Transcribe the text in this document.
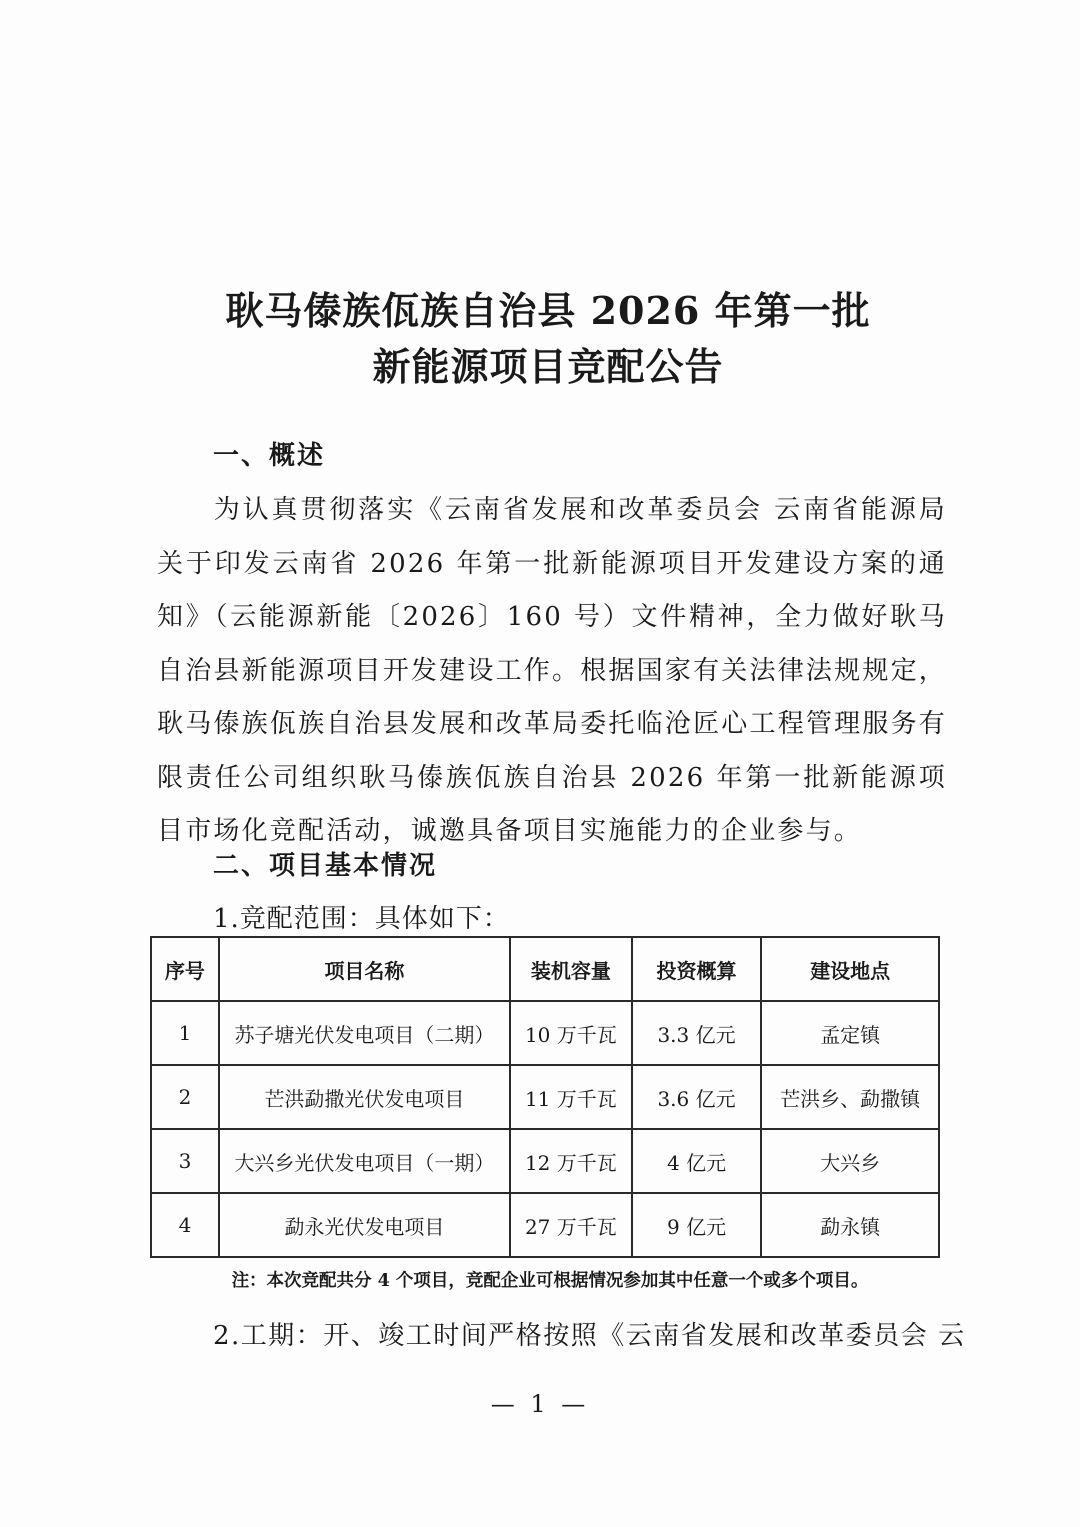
耿马傣族佤族自治县 2026 年第一批
新能源项目竞配公告
一、概述
为认真贯彻落实《云南省发展和改革委员会 云南省能源局关于印发云南省 2026 年第一批新能源项目开发建设方案的通知》（云能源新能〔2026〕160 号）文件精神，全力做好耿马自治县新能源项目开发建设工作。根据国家有关法律法规规定，耿马傣族佤族自治县发展和改革局委托临沧匠心工程管理服务有限责任公司组织耿马傣族佤族自治县 2026 年第一批新能源项目市场化竞配活动，诚邀具备项目实施能力的企业参与。
二、项目基本情况
1.竞配范围：具体如下：
序号	项目名称	装机容量	投资概算	建设地点
1	苏子塘光伏发电项目（二期）	10 万千瓦	3.3 亿元	孟定镇
2	芒洪勐撒光伏发电项目	11 万千瓦	3.6 亿元	芒洪乡、勐撒镇
3	大兴乡光伏发电项目（一期）	12 万千瓦	4 亿元	大兴乡
4	勐永光伏发电项目	27 万千瓦	9 亿元	勐永镇
注：本次竞配共分 4 个项目，竞配企业可根据情况参加其中任意一个或多个项目。
2.工期：开、竣工时间严格按照《云南省发展和改革委员会 云
— 1 —
